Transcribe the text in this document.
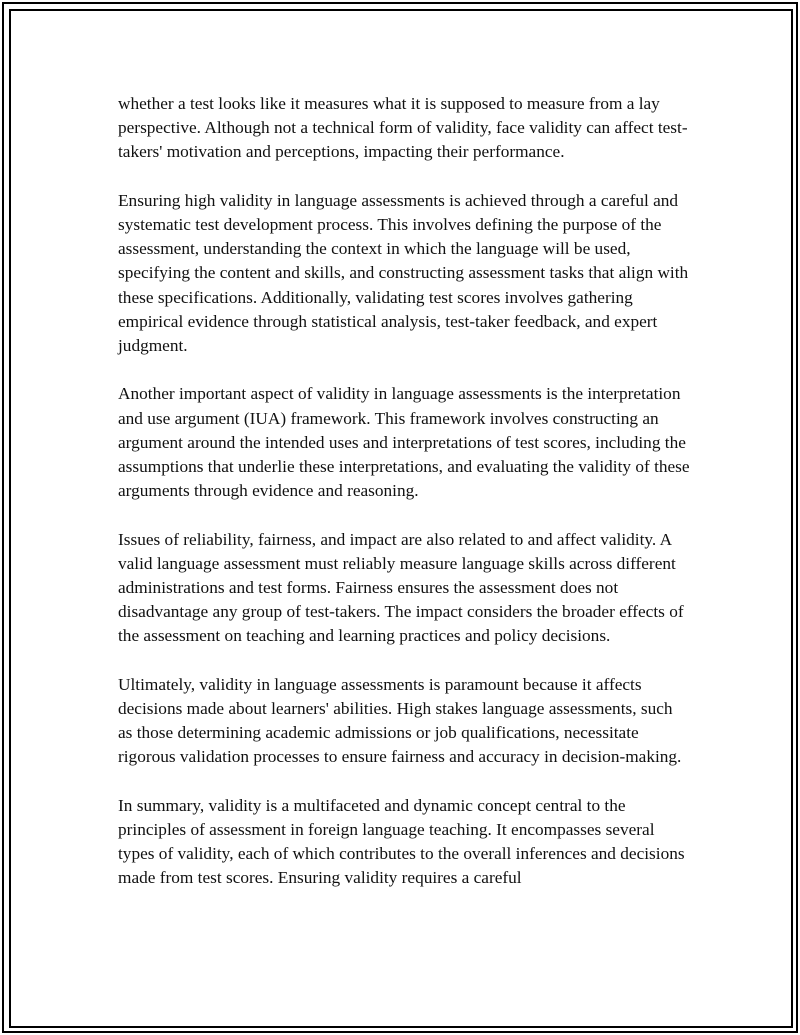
whether a test looks like it measures what it is supposed to measure from a lay perspective. Although not a technical form of validity, face validity can affect test-takers' motivation and perceptions, impacting their performance.

Ensuring high validity in language assessments is achieved through a careful and systematic test development process. This involves defining the purpose of the assessment, understanding the context in which the language will be used, specifying the content and skills, and constructing assessment tasks that align with these specifications. Additionally, validating test scores involves gathering empirical evidence through statistical analysis, test-taker feedback, and expert judgment.

Another important aspect of validity in language assessments is the interpretation and use argument (IUA) framework. This framework involves constructing an argument around the intended uses and interpretations of test scores, including the assumptions that underlie these interpretations, and evaluating the validity of these arguments through evidence and reasoning.

Issues of reliability, fairness, and impact are also related to and affect validity. A valid language assessment must reliably measure language skills across different administrations and test forms. Fairness ensures the assessment does not disadvantage any group of test-takers. The impact considers the broader effects of the assessment on teaching and learning practices and policy decisions.

Ultimately, validity in language assessments is paramount because it affects decisions made about learners' abilities. High stakes language assessments, such as those determining academic admissions or job qualifications, necessitate rigorous validation processes to ensure fairness and accuracy in decision-making.

In summary, validity is a multifaceted and dynamic concept central to the principles of assessment in foreign language teaching. It encompasses several types of validity, each of which contributes to the overall inferences and decisions made from test scores. Ensuring validity requires a careful
